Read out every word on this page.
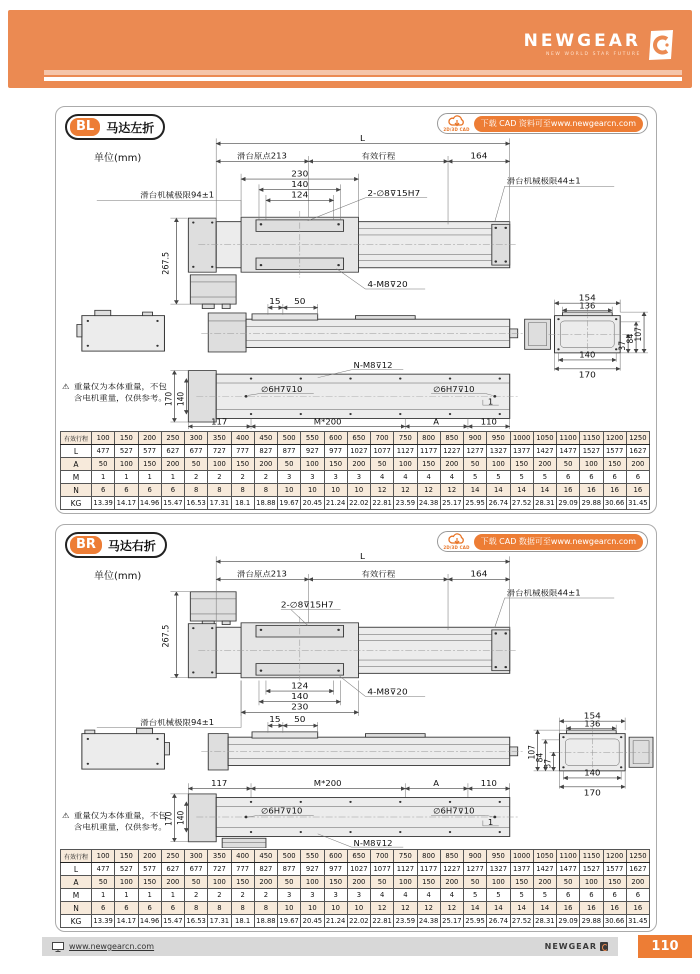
NEWGEAR
NEW WORLD STAR FUTURE
BL	马达左折
单位(mm)
2D/3D CAD
下载 CAD 资料可至www.newgearcn.com
L
滑台原点213	有效行程	164
230
140
124	2-∅8⊽15H7
滑台机械极限94±1
滑台机械极限44±1
4-M8⊽20
267.5
15 50	154
136
140
170
37
84
107
∅6H7⊽10	∅6H7⊽10
1
N-M8⊽12
170 140
117	M*200	A	110
⚠ 重量仅为本体重量，不包
含电机重量，仅供参考。
有效行程	100	150	200	250	300	350	400	450	500	550	600	650	700	750	800	850	900	950	1000	1050	1100	1150	1200	1250
L	477	527	577	627	677	727	777	827	877	927	977	1027	1077	1127	1177	1227	1277	1327	1377	1427	1477	1527	1577	1627
A	50	100	150	200	50	100	150	200	50	100	150	200	50	100	150	200	50	100	150	200	50	100	150	200
M	1	1	1	1	2	2	2	2	3	3	3	3	4	4	4	4	5	5	5	5	6	6	6	6
N	6	6	6	6	8	8	8	8	10	10	10	10	12	12	12	12	14	14	14	14	16	16	16	16
KG	13.39	14.17	14.96	15.47	16.53	17.31	18.1	18.88	19.67	20.45	21.24	22.02	22.81	23.59	24.38	25.17	25.95	26.74	27.52	28.31	29.09	29.88	30.66	31.45
BR	马达右折
单位(mm)
2D/3D CAD
下载 CAD 数据可至www.newgearcn.com
L
滑台原点213	有效行程	164
滑台机械极限44±1
2-∅8⊽15H7
267.5
124
140
230
4-M8⊽20
滑台机械极限94±1	15 50	154
136
140
170
107
84
37
117	M*200	A	110
∅6H7⊽10	∅6H7⊽10
1
170 140
N-M8⊽12
⚠ 重量仅为本体重量，不包
含电机重量，仅供参考。
有效行程	100	150	200	250	300	350	400	450	500	550	600	650	700	750	800	850	900	950	1000	1050	1100	1150	1200	1250
L	477	527	577	627	677	727	777	827	877	927	977	1027	1077	1127	1177	1227	1277	1327	1377	1427	1477	1527	1577	1627
A	50	100	150	200	50	100	150	200	50	100	150	200	50	100	150	200	50	100	150	200	50	100	150	200
M	1	1	1	1	2	2	2	2	3	3	3	3	4	4	4	4	5	5	5	5	6	6	6	6
N	6	6	6	6	8	8	8	8	10	10	10	10	12	12	12	12	14	14	14	14	16	16	16	16
KG	13.39	14.17	14.96	15.47	16.53	17.31	18.1	18.88	19.67	20.45	21.24	22.02	22.81	23.59	24.38	25.17	25.95	26.74	27.52	28.31	29.09	29.88	30.66	31.45
www.newgearcn.com	NEWGEAR	110
